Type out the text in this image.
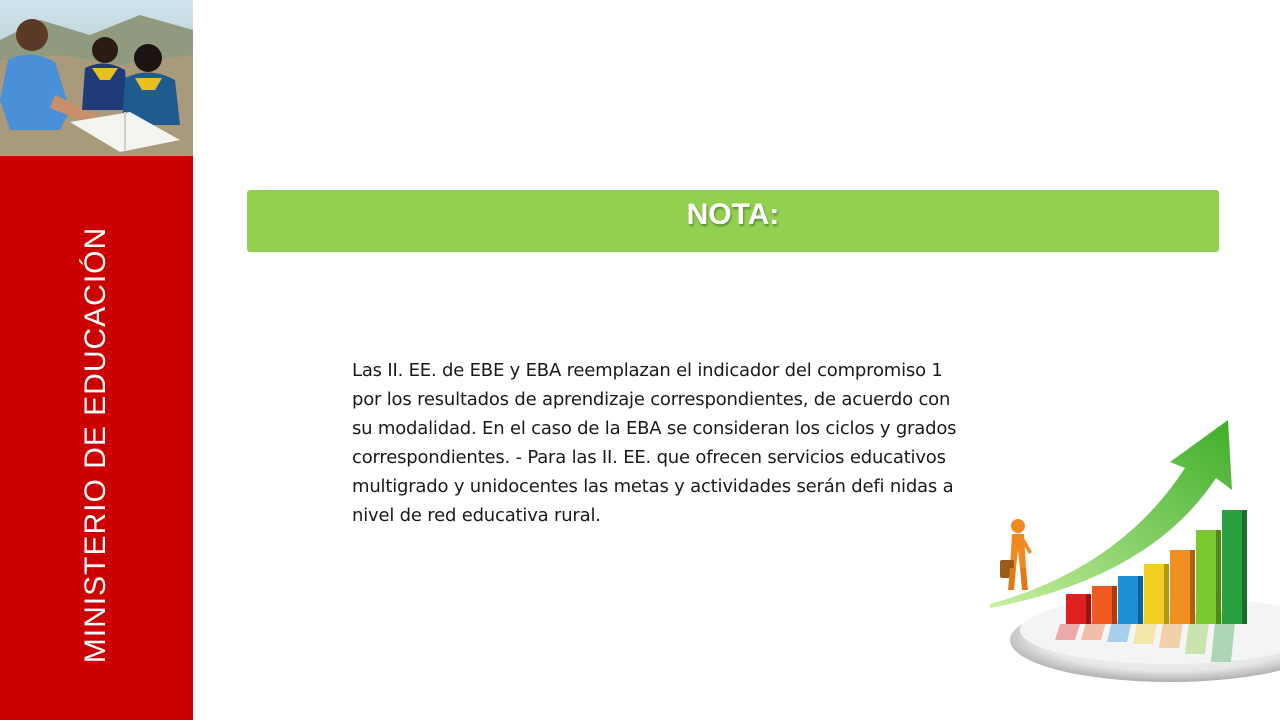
MINISTERIO DE EDUCACIÓN
NOTA:
Las II. EE. de EBE y EBA reemplazan el indicador del compromiso 1 por los resultados de aprendizaje correspondientes, de acuerdo con su modalidad. En el caso de la EBA se consideran los ciclos y grados correspondientes. - Para las II. EE. que ofrecen servicios educativos multigrado y unidocentes las metas y actividades serán defi nidas a nivel de red educativa rural.
